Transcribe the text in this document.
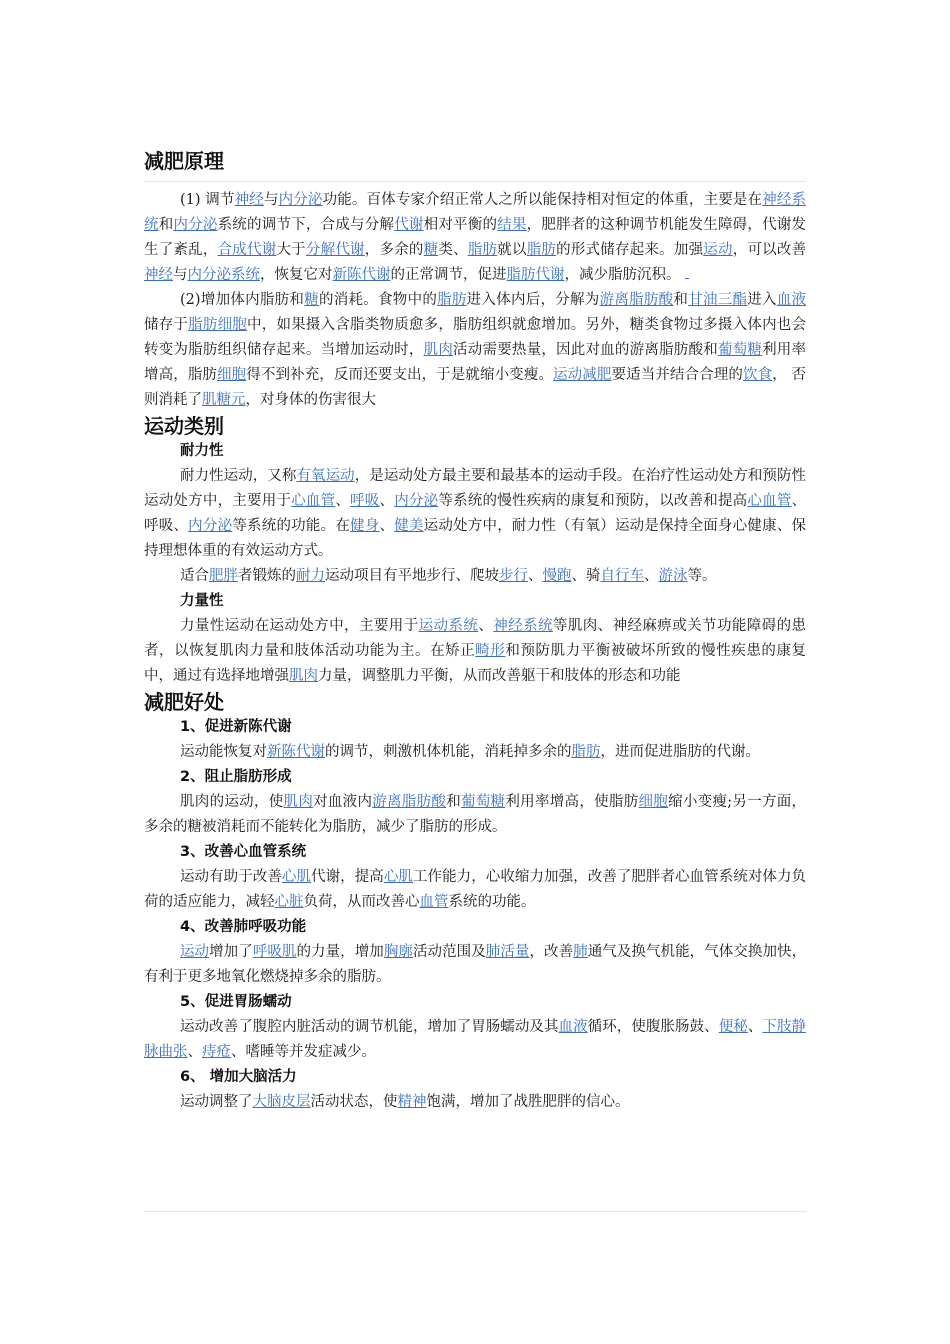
减肥原理

(1) 调节神经与内分泌功能。百体专家介绍正常人之所以能保持相对恒定的体重，主要是在神经系统和内分泌系统的调节下，合成与分解代谢相对平衡的结果，肥胖者的这种调节机能发生障碍，代谢发生了紊乱，合成代谢大于分解代谢，多余的糖类、脂肪就以脂肪的形式储存起来。加强运动，可以改善神经与内分泌系统，恢复它对新陈代谢的正常调节，促进脂肪代谢，减少脂肪沉积。

(2)增加体内脂肪和糖的消耗。食物中的脂肪进入体内后，分解为游离脂肪酸和甘油三酯进入血液储存于脂肪细胞中，如果摄入含脂类物质愈多，脂肪组织就愈增加。另外，糖类食物过多摄入体内也会转变为脂肪组织储存起来。当增加运动时，肌肉活动需要热量，因此对血的游离脂肪酸和葡萄糖利用率增高，脂肪细胞得不到补充，反而还要支出，于是就缩小变瘦。运动减肥要适当并结合合理的饮食， 否则消耗了肌糖元，对身体的伤害很大

运动类别
耐力性

耐力性运动，又称有氧运动，是运动处方最主要和最基本的运动手段。在治疗性运动处方和预防性运动处方中，主要用于心血管、呼吸、内分泌等系统的慢性疾病的康复和预防，以改善和提高心血管、呼吸、内分泌等系统的功能。在健身、健美运动处方中，耐力性（有氧）运动是保持全面身心健康、保持理想体重的有效运动方式。

适合肥胖者锻炼的耐力运动项目有平地步行、爬坡步行、慢跑、骑自行车、游泳等。

力量性

力量性运动在运动处方中，主要用于运动系统、神经系统等肌肉、神经麻痹或关节功能障碍的患者，以恢复肌肉力量和肢体活动功能为主。在矫正畸形和预防肌力平衡被破坏所致的慢性疾患的康复中，通过有选择地增强肌肉力量，调整肌力平衡，从而改善躯干和肢体的形态和功能

减肥好处
1、促进新陈代谢

运动能恢复对新陈代谢的调节，刺激机体机能，消耗掉多余的脂肪，进而促进脂肪的代谢。

2、阻止脂肪形成

肌肉的运动，使肌肉对血液内游离脂肪酸和葡萄糖利用率增高，使脂肪细胞缩小变瘦;另一方面，多余的糖被消耗而不能转化为脂肪，减少了脂肪的形成。

3、改善心血管系统

运动有助于改善心肌代谢，提高心肌工作能力，心收缩力加强，改善了肥胖者心血管系统对体力负荷的适应能力，减轻心脏负荷，从而改善心血管系统的功能。

4、改善肺呼吸功能

运动增加了呼吸肌的力量，增加胸廓活动范围及肺活量，改善肺通气及换气机能，气体交换加快，有利于更多地氧化燃烧掉多余的脂肪。

5、促进胃肠蠕动

运动改善了腹腔内脏活动的调节机能，增加了胃肠蠕动及其血液循环，使腹胀肠鼓、便秘、下肢静脉曲张、痔疮、嗜睡等并发症减少。

6、 增加大脑活力

运动调整了大脑皮层活动状态，使精神饱满，增加了战胜肥胖的信心。
